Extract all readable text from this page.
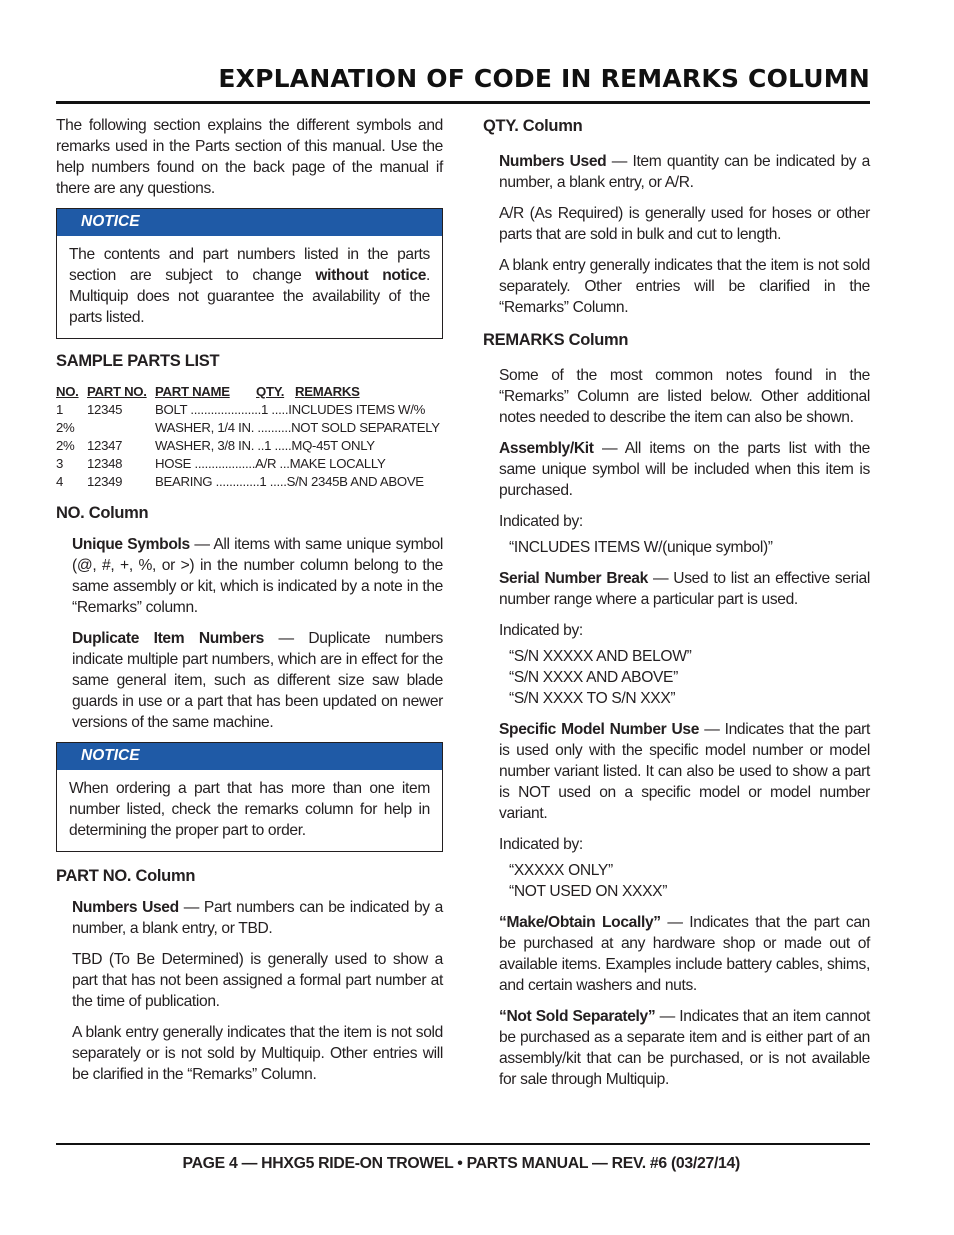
EXPLANATION OF CODE IN REMARKS COLUMN

The following section explains the different symbols and remarks used in the Parts section of this manual. Use the help numbers found on the back page of the manual if there are any questions.

NOTICE

The contents and part numbers listed in the parts section are subject to change without notice. Multiquip does not guarantee the availability of the parts listed.

SAMPLE PARTS LIST
NO. PART NO. PART NAME QTY. REMARKS
1 12345 BOLT .....................1 .....INCLUDES ITEMS W/%
2%	WASHER, 1/4 IN. ..........NOT SOLD SEPARATELY
2% 12347 WASHER, 3/8 IN. ..1 .....MQ-45T ONLY
3 12348 HOSE ..................A/R ...MAKE LOCALLY
4 12349 BEARING .............1 .....S/N 2345B AND ABOVE
NO. Column

Unique Symbols — All items with same unique symbol (@, #, +, %, or >) in the number column belong to the same assembly or kit, which is indicated by a note in the “Remarks” column.

Duplicate Item Numbers — Duplicate numbers indicate multiple part numbers, which are in effect for the same general item, such as different size saw blade guards in use or a part that has been updated on newer versions of the same machine.

NOTICE

When ordering a part that has more than one item number listed, check the remarks column for help in determining the proper part to order.

PART NO. Column

Numbers Used — Part numbers can be indicated by a number, a blank entry, or TBD.

TBD (To Be Determined) is generally used to show a part that has not been assigned a formal part number at the time of publication.

A blank entry generally indicates that the item is not sold separately or is not sold by Multiquip. Other entries will be clarified in the “Remarks” Column.

QTY. Column

Numbers Used — Item quantity can be indicated by a number, a blank entry, or A/R.

A/R (As Required) is generally used for hoses or other parts that are sold in bulk and cut to length.

A blank entry generally indicates that the item is not sold separately. Other entries will be clarified in the “Remarks” Column.

REMARKS Column

Some of the most common notes found in the “Remarks” Column are listed below. Other additional notes needed to describe the item can also be shown.

Assembly/Kit — All items on the parts list with the same unique symbol will be included when this item is purchased.

Indicated by:

“INCLUDES ITEMS W/(unique symbol)”

Serial Number Break — Used to list an effective serial number range where a particular part is used.

Indicated by:

“S/N XXXXX AND BELOW”
“S/N XXXX AND ABOVE”
“S/N XXXX TO S/N XXX”

Specific Model Number Use — Indicates that the part is used only with the specific model number or model number variant listed. It can also be used to show a part is NOT used on a specific model or model number variant.

Indicated by:

“XXXXX ONLY”
“NOT USED ON XXXX”

“Make/Obtain Locally” — Indicates that the part can be purchased at any hardware shop or made out of available items. Examples include battery cables, shims, and certain washers and nuts.

“Not Sold Separately” — Indicates that an item cannot be purchased as a separate item and is either part of an assembly/kit that can be purchased, or is not available for sale through Multiquip.

PAGE 4 — HHXG5 RIDE-ON TROWEL • PARTS MANUAL — REV. #6 (03/27/14)
